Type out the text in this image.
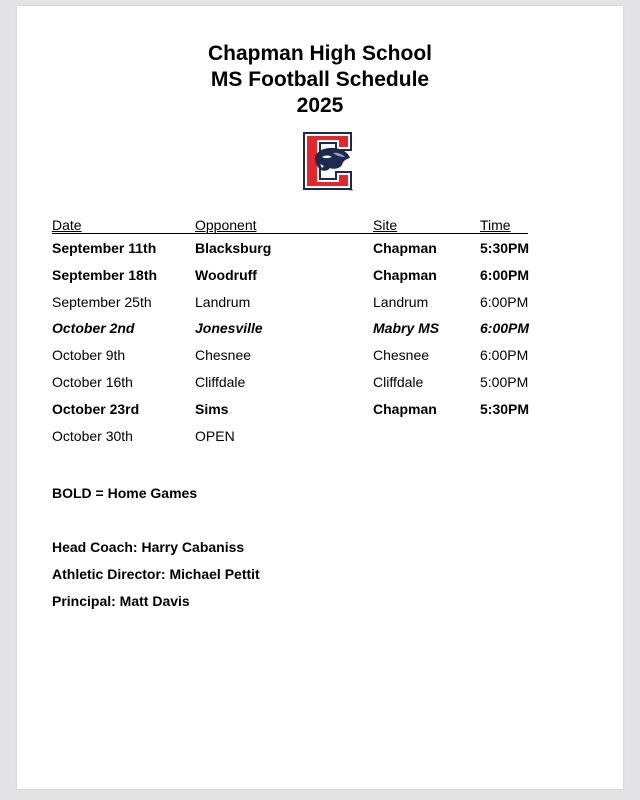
Chapman High School
MS Football Schedule
2025
TM
Date	Opponent	Site	Time
September 11th	Blacksburg	Chapman	5:30PM
September 18th	Woodruff	Chapman	6:00PM
September 25th	Landrum	Landrum	6:00PM
October 2nd	Jonesville	Mabry MS	6:00PM
October 9th	Chesnee	Chesnee	6:00PM
October 16th	Cliffdale	Cliffdale	5:00PM
October 23rd	Sims	Chapman	5:30PM
October 30th	OPEN
BOLD = Home Games
Head Coach: Harry Cabaniss
Athletic Director: Michael Pettit
Principal: Matt Davis
